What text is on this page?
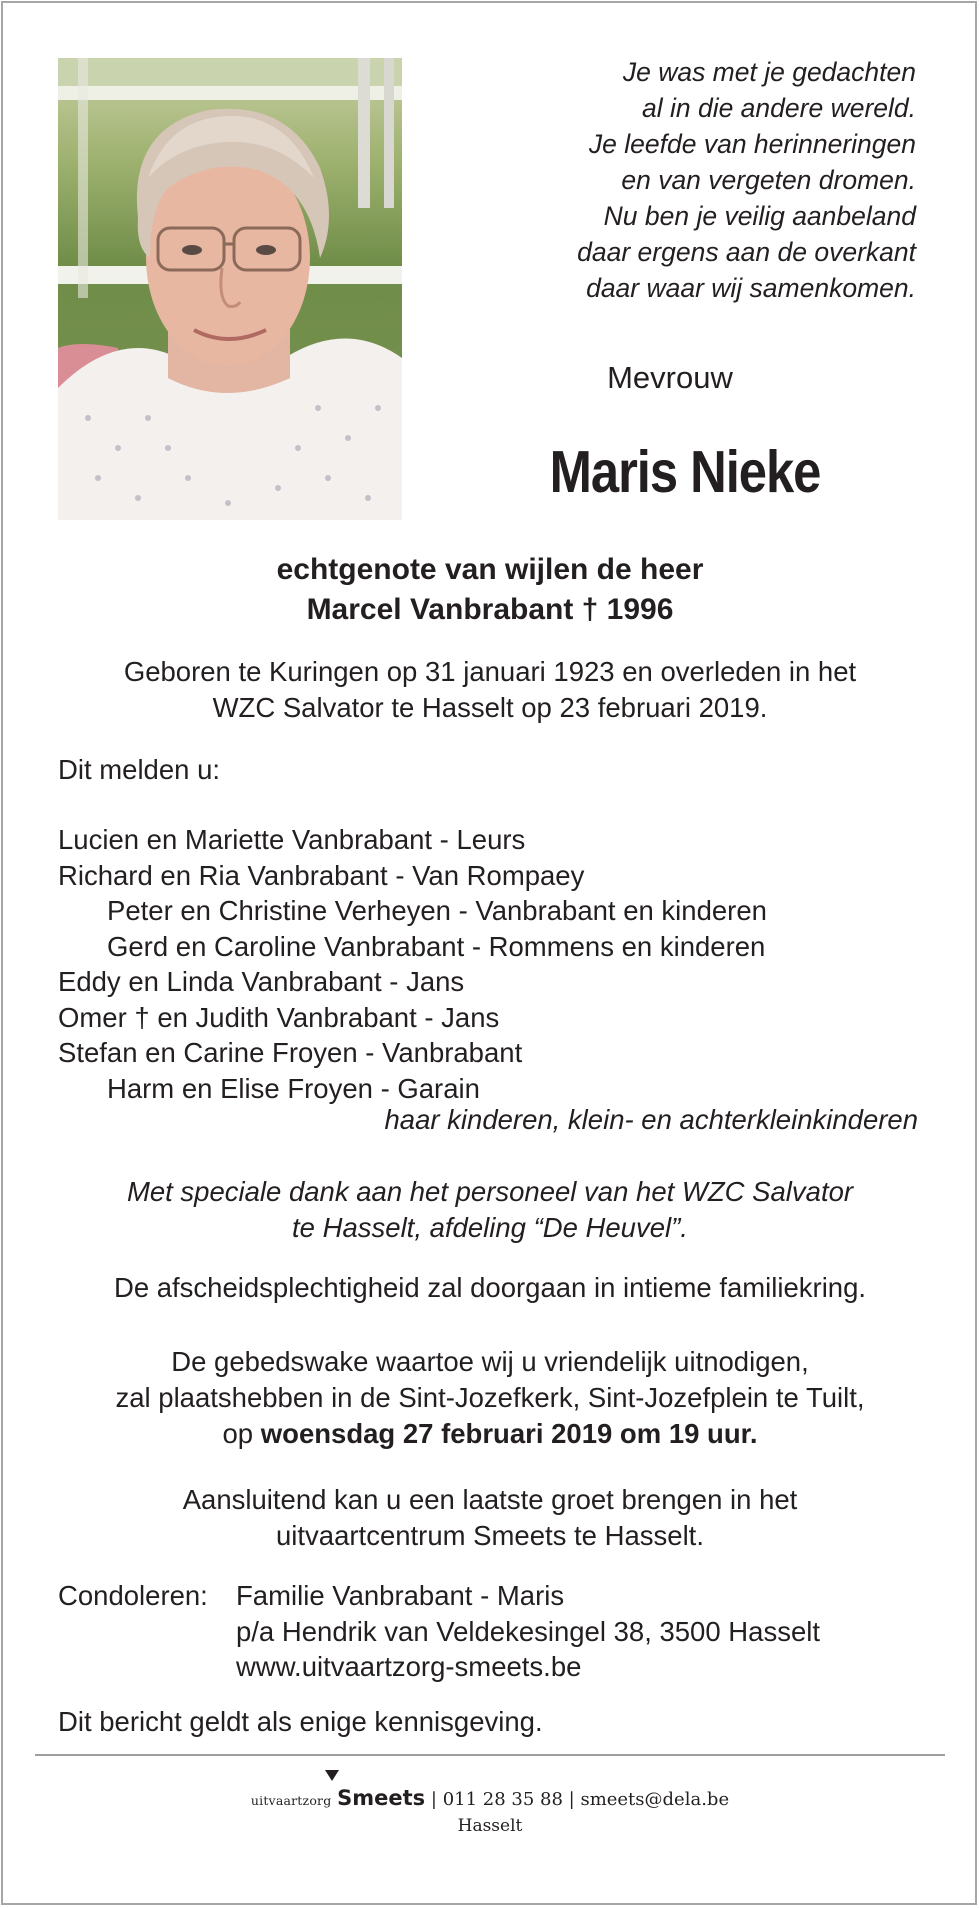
Je was met je gedachten
al in die andere wereld.
Je leefde van herinneringen
en van vergeten dromen.
Nu ben je veilig aanbeland
daar ergens aan de overkant
daar waar wij samenkomen.
Mevrouw
Maris Nieke
echtgenote van wijlen de heer
Marcel Vanbrabant † 1996
Geboren te Kuringen op 31 januari 1923 en overleden in het
WZC Salvator te Hasselt op 23 februari 2019.
Dit melden u:
Lucien en Mariette Vanbrabant - Leurs
Richard en Ria Vanbrabant - Van Rompaey
Peter en Christine Verheyen - Vanbrabant en kinderen
Gerd en Caroline Vanbrabant - Rommens en kinderen
Eddy en Linda Vanbrabant - Jans
Omer † en Judith Vanbrabant - Jans
Stefan en Carine Froyen - Vanbrabant
Harm en Elise Froyen - Garain
haar kinderen, klein- en achterkleinkinderen
Met speciale dank aan het personeel van het WZC Salvator
te Hasselt, afdeling “De Heuvel”.
De afscheidsplechtigheid zal doorgaan in intieme familiekring.
De gebedswake waartoe wij u vriendelijk uitnodigen,
zal plaatshebben in de Sint-Jozefkerk, Sint-Jozefplein te Tuilt,
op woensdag 27 februari 2019 om 19 uur.
Aansluitend kan u een laatste groet brengen in het
uitvaartcentrum Smeets te Hasselt.
Condoleren:	Familie Vanbrabant - Maris
p/a Hendrik van Veldekesingel 38, 3500 Hasselt
www.uitvaartzorg-smeets.be
Dit bericht geldt als enige kennisgeving.
uitvaartzorg Smeets | 011 28 35 88 | smeets@dela.be
Hasselt
